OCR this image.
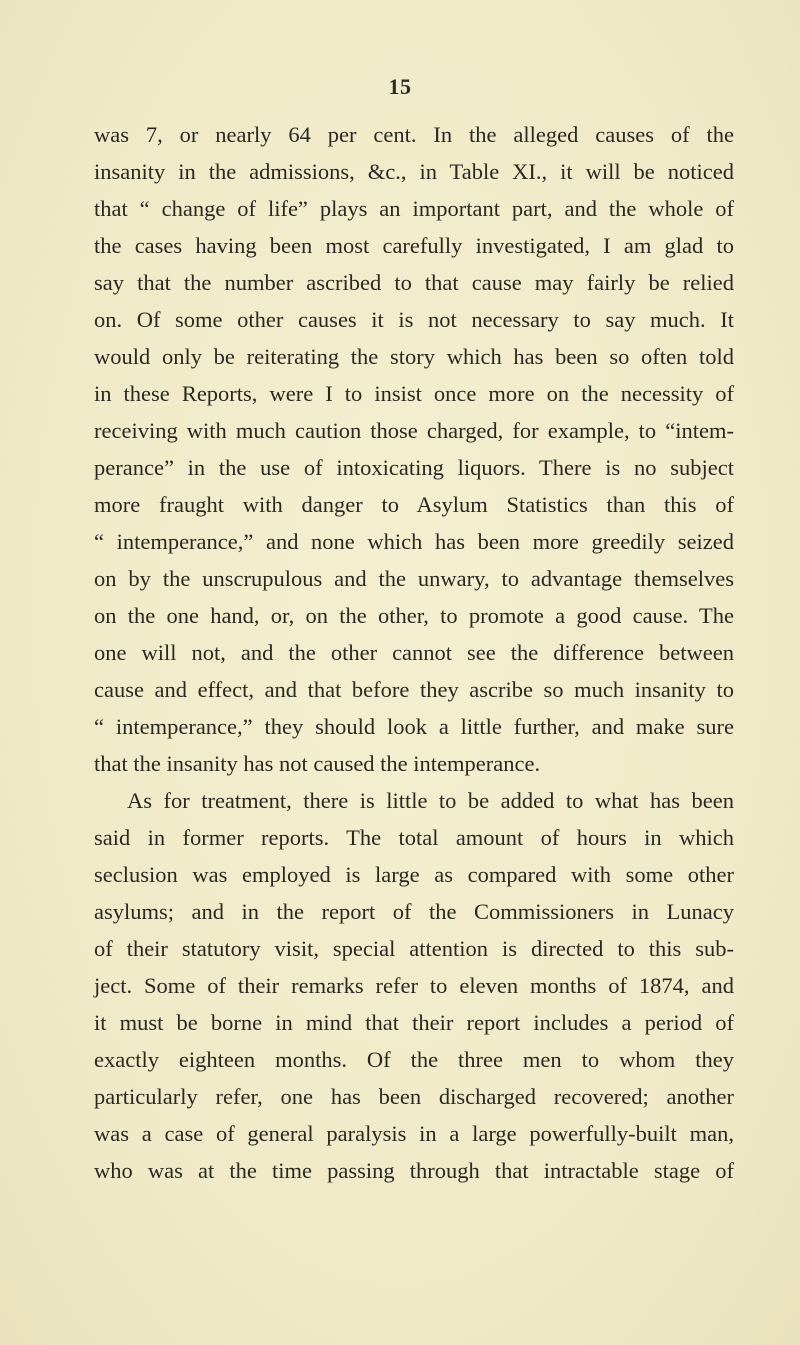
15
was 7, or nearly 64 per cent. In the alleged causes of the
insanity in the admissions, &c., in Table XI., it will be noticed
that “ change of life” plays an important part, and the whole of
the cases having been most carefully investigated, I am glad to
say that the number ascribed to that cause may fairly be relied
on. Of some other causes it is not necessary to say much. It
would only be reiterating the story which has been so often told
in these Reports, were I to insist once more on the necessity of
receiving with much caution those charged, for example, to “intem-
perance” in the use of intoxicating liquors. There is no subject
more fraught with danger to Asylum Statistics than this of
“ intemperance,” and none which has been more greedily seized
on by the unscrupulous and the unwary, to advantage themselves
on the one hand, or, on the other, to promote a good cause. The
one will not, and the other cannot see the difference between
cause and effect, and that before they ascribe so much insanity to
“ intemperance,” they should look a little further, and make sure
that the insanity has not caused the intemperance.
As for treatment, there is little to be added to what has been
said in former reports. The total amount of hours in which
seclusion was employed is large as compared with some other
asylums; and in the report of the Commissioners in Lunacy
of their statutory visit, special attention is directed to this sub-
ject. Some of their remarks refer to eleven months of 1874, and
it must be borne in mind that their report includes a period of
exactly eighteen months. Of the three men to whom they
particularly refer, one has been discharged recovered; another
was a case of general paralysis in a large powerfully-built man,
who was at the time passing through that intractable stage of
